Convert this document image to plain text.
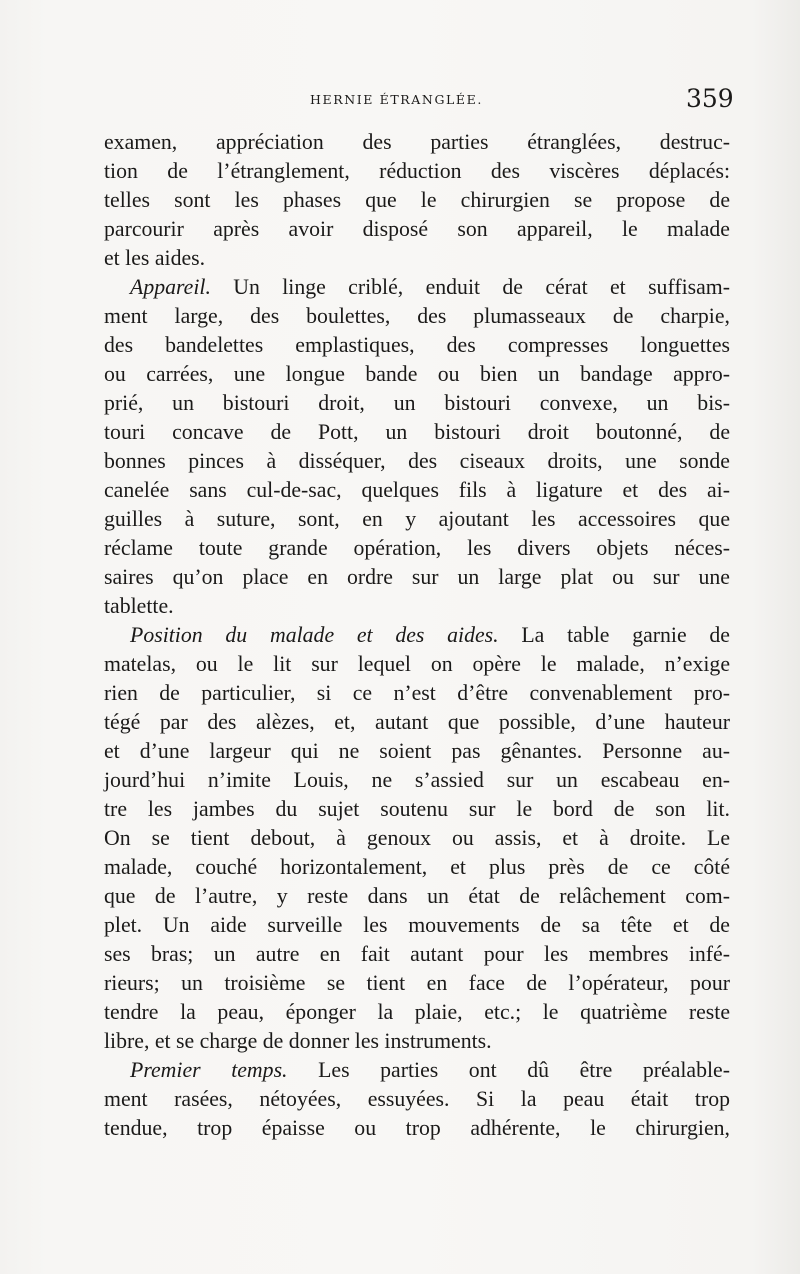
HERNIE ÉTRANGLÉE.	359
examen, appréciation des parties étranglées, destruc-
tion de l’étranglement, réduction des viscères déplacés:
telles sont les phases que le chirurgien se propose de
parcourir après avoir disposé son appareil, le malade
et les aides.
Appareil. Un linge criblé, enduit de cérat et suffisam-
ment large, des boulettes, des plumasseaux de charpie,
des bandelettes emplastiques, des compresses longuettes
ou carrées, une longue bande ou bien un bandage appro-
prié, un bistouri droit, un bistouri convexe, un bis-
touri concave de Pott, un bistouri droit boutonné, de
bonnes pinces à disséquer, des ciseaux droits, une sonde
canelée sans cul-de-sac, quelques fils à ligature et des ai-
guilles à suture, sont, en y ajoutant les accessoires que
réclame toute grande opération, les divers objets néces-
saires qu’on place en ordre sur un large plat ou sur une
tablette.
Position du malade et des aides. La table garnie de
matelas, ou le lit sur lequel on opère le malade, n’exige
rien de particulier, si ce n’est d’être convenablement pro-
tégé par des alèzes, et, autant que possible, d’une hauteur
et d’une largeur qui ne soient pas gênantes. Personne au-
jourd’hui n’imite Louis, ne s’assied sur un escabeau en-
tre les jambes du sujet soutenu sur le bord de son lit.
On se tient debout, à genoux ou assis, et à droite. Le
malade, couché horizontalement, et plus près de ce côté
que de l’autre, y reste dans un état de relâchement com-
plet. Un aide surveille les mouvements de sa tête et de
ses bras; un autre en fait autant pour les membres infé-
rieurs; un troisième se tient en face de l’opérateur, pour
tendre la peau, éponger la plaie, etc.; le quatrième reste
libre, et se charge de donner les instruments.
Premier temps. Les parties ont dû être préalable-
ment rasées, nétoyées, essuyées. Si la peau était trop
tendue, trop épaisse ou trop adhérente, le chirurgien,
